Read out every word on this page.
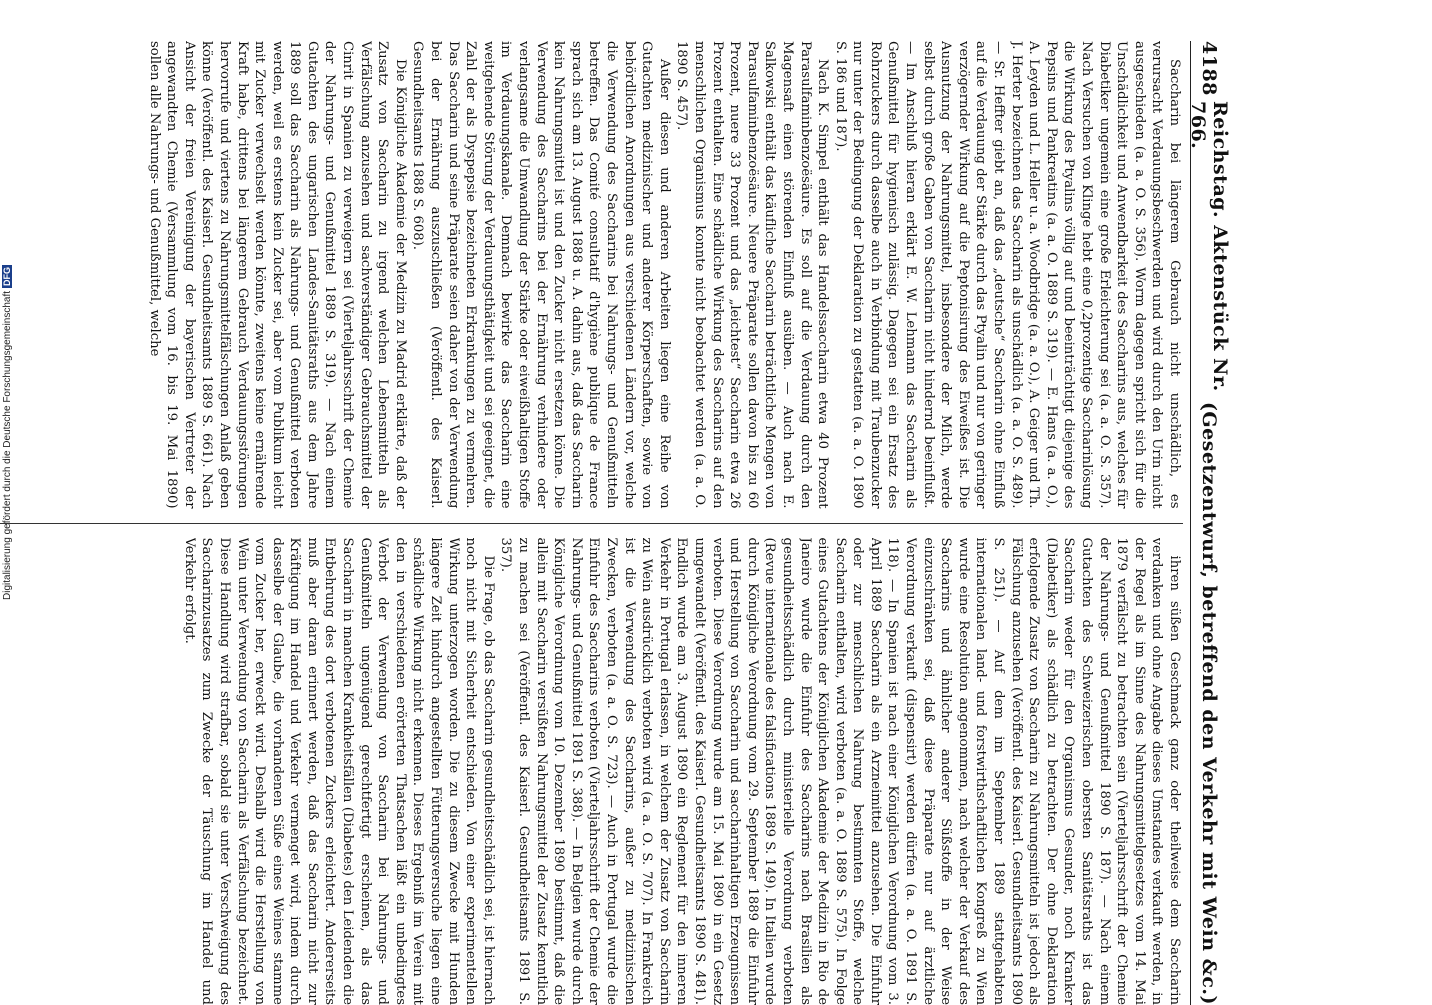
4188
Reichstag. Aktenstück Nr. 766.
(Gesetzentwurf, betreffend den Verkehr mit Wein &c.)

Saccharin bei längerem Gebrauch nicht unschädlich, es verursacht Verdauungsbeschwerden und wird durch den Urin nicht ausgeschieden (a. a. O. S. 356). Worm dagegen spricht sich für die Unschädlichkeit und Anwendbarkeit des Saccharins aus, welches für Diabetiker ungemein eine große Erleichterung sei (a. a. O. S. 357). Nach Versuchen von Klinge hebt eine 0,2prozentige Saccharinlösung die Wirkung des Ptyalins völlig auf und beeinträchtigt diejenige des Pepsins und Pankreatins (a. a. O. 1889 S. 319). — E. Hans (a. a. O.), A. Leyden und L. Heller u. a. Woodbridge (a. a. O.), A. Geiger und Th. J. Herter bezeichnen das Saccharin als unschädlich (a. a. O. S. 489). — Sr. Heffter giebt an, daß das „deutsche“ Saccharin ohne Einfluß auf die Verdauung der Stärke durch das Ptyalin und nur von geringer verzögernder Wirkung auf die Peptonisirung des Eiweißes ist. Die Ausnutzung der Nahrungsmittel, insbesondere der Milch, werde selbst durch große Gaben von Saccharin nicht hindernd beeinflußt. — Im Anschluß hieran erklärt E. W. Lehmann das Saccharin als Genußmittel für hygienisch zulässig. Dagegen sei ein Ersatz des Rohrzuckers durch dasselbe auch in Verbindung mit Traubenzucker nur unter der Bedingung der Deklaration zu gestatten (a. a. O. 1890 S. 186 und 187).

Nach K. Simpel enthält das Handelssaccharin etwa 40 Prozent Parasulfaminbenzoësäure. Es soll auf die Verdauung durch den Magensaft einen störenden Einfluß ausüben. — Auch nach E. Salkowski enthält das käufliche Saccharin beträchtliche Mengen von Parasulfaminbenzoësäure. Neuere Präparate sollen davon bis zu 60 Prozent, nuere 33 Prozent und das „leichtest“ Saccharin etwa 26 Prozent enthalten. Eine schädliche Wirkung des Saccharins auf den menschlichen Organismus konnte nicht beobachtet werden (a. a. O. 1890 S. 457).

Außer diesen und anderen Arbeiten liegen eine Reihe von Gutachten medizinischer und anderer Körperschaften, sowie von behördlichen Anordnungen aus verschiedenen Ländern vor, welche die Verwendung des Saccharins bei Nahrungs- und Genußmitteln betreffen. Das Comité consultatif d'hygiène publique de France sprach sich am 13. August 1888 u. A. dahin aus, daß das Saccharin kein Nahrungsmittel ist und den Zucker nicht ersetzen könne. Die Verwendung des Saccharins bei der Ernährung verhindere oder verlangsame die Umwandlung der Stärke oder eiweißhaltigen Stoffe im Verdauungskanale. Demnach bewirke das Saccharin eine weitgehende Störung der Verdauungsthätigkeit und sei geeignet, die Zahl der als Dyspepsie bezeichneten Erkrankungen zu vermehren. Das Saccharin und seine Präparate seien daher von der Verwendung bei der Ernährung auszuschließen (Veröffentl. des Kaiserl. Gesundheitsamts 1888 S. 608).

Die Königliche Akademie der Medizin zu Madrid erklärte, daß der Zusatz von Saccharin zu irgend welchen Lebensmitteln als Verfälschung anzusehen und sachverständiger Gebrauchsmittel der Cinrit in Spanien zu verweigern sei (Vierteljahrsschrift der Chemie der Nahrungs- und Genußmittel 1889 S. 319). — Nach einem Gutachten des ungarischen Landes-Sanitätsraths aus dem Jahre 1889 soll das Saccharin als Nahrungs- und Genußmittel verboten werden, weil es erstens kein Zucker sei, aber vom Publikum leicht mit Zucker verwechselt werden könnte, zweitens keine ernährende Kraft habe, drittens bei längerem Gebrauch Verdauungsstörungen hervorrufe und viertens zu Nahrungsmittelfälschungen Anlaß geben könne (Veröffentl. des Kaiserl. Gesundheitsamts 1889 S. 661). Nach Ansicht der freien Vereinigung der bayerischen Vertreter der angewandten Chemie (Versammlung vom 16. bis 19. Mai 1890) sollen alle Nahrungs- und Genußmittel, welche

ihren süßen Geschmack ganz oder theilweise dem Saccharin verdanken und ohne Angabe dieses Umstandes verkauft werden, in der Regel als im Sinne des Nahrungsmittelgesetzes vom 14. Mai 1879 verfälscht zu betrachten sein (Vierteljahrsschrift der Chemie der Nahrungs- und Genußmittel 1890 S. 187). — Nach einem Gutachten des Schweizerischen obersten Sanitätsraths ist das Saccharin weder für den Organismus Gesunder, noch Kranker (Diabetiker) als schädlich zu betrachten. Der ohne Deklaration erfolgende Zusatz von Saccharin zu Nahrungsmitteln ist jedoch als Fälschung anzusehen (Veröffentl. des Kaiserl. Gesundheitsamts 1890 S. 251). — Auf dem im September 1889 stattgehabten internationalen land- und forstwirthschaftlichen Kongreß zu Wien wurde eine Resolution angenommen, nach welcher der Verkauf des Saccharins und ähnlicher anderer Süßstoffe in der Weise einzuschränken sei, daß diese Präparate nur auf ärztliche Verordnung verkauft (dispensirt) werden dürfen (a. a. O. 1891 S. 118). — In Spanien ist nach einer Königlichen Verordnung vom 3. April 1889 Saccharin als ein Arzneimittel anzusehen. Die Einfuhr oder zur menschlichen Nahrung bestimmten Stoffe, welche Saccharin enthalten, wird verboten (a. a. O. 1889 S. 575). In Folge eines Gutachtens der Königlichen Akademie der Medizin in Rio de Janeiro wurde die Einfuhr des Saccharins nach Brasilien als gesundheitsschädlich durch ministerielle Verordnung verboten (Revue internationale des falsifications 1889 S. 149). In Italien wurde durch Königliche Verordnung vom 29. September 1889 die Einfuhr und Herstellung von Saccharin und saccharinhaltigen Erzeugnissen verboten. Diese Verordnung wurde am 15. Mai 1890 in ein Gesetz umgewandelt (Veröffentl. des Kaiserl. Gesundheitsamts 1890 S. 481). Endlich wurde am 3. August 1890 ein Reglement für den inneren Verkehr in Portugal erlassen, in welchem der Zusatz von Saccharin zu Wein ausdrücklich verboten wird (a. a. O. S. 707). In Frankreich ist die Verwendung des Saccharins, außer zu medizinischen Zwecken, verboten (a. a. O. S. 723). — Auch in Portugal wurde die Einfuhr des Saccharins verboten (Vierteljahrsschrift der Chemie der Nahrungs- und Genußmittel 1891 S. 388). — In Belgien wurde durch Königliche Verordnung vom 10. Dezember 1890 bestimmt, daß die allein mit Saccharin versüßten Nahrungsmittel der Zusatz kenntlich zu machen sei (Veröffentl. des Kaiserl. Gesundheitsamts 1891 S. 357).

Die Frage, ob das Saccharin gesundheitsschädlich sei, ist hiernach noch nicht mit Sicherheit entschieden. Von einer experimentellen Wirkung unterzogen worden. Die zu diesem Zwecke mit Hunden längere Zeit hindurch angestellten Fütterungsversuche liegen eine schädliche Wirkung nicht erkennen. Dieses Ergebniß im Verein mit den in verschiedenen erörterten Thatsachen läßt ein unbedingtes Verbot der Verwendung von Saccharin bei Nahrungs- und Genußmitteln ungenügend gerechtfertigt erscheinen, als das Saccharin in manchen Krankheitsfällen (Diabetes) den Leidenden die Entbehrung des dort verbotenen Zuckers erleichtert. Andererseits muß aber daran erinnert werden, daß das Saccharin nicht zur Kräftigung im Handel und Verkehr vermenget wird, indem durch dasselbe der Glaube, die vorhandenen Süße eines Weines stamme vom Zucker her, erweckt wird. Deshalb wird die Herstellung von Wein unter Verwendung von Saccharin als Verfälschung bezeichnet. Diese Handlung wird strafbar, sobald sie unter Verschweigung des Saccharinzusatzes zum Zwecke der Täuschung im Handel und Verkehr erfolgt.

Digitalisierung gefördert durch die Deutsche ForschungsgemeinschaftDFG
